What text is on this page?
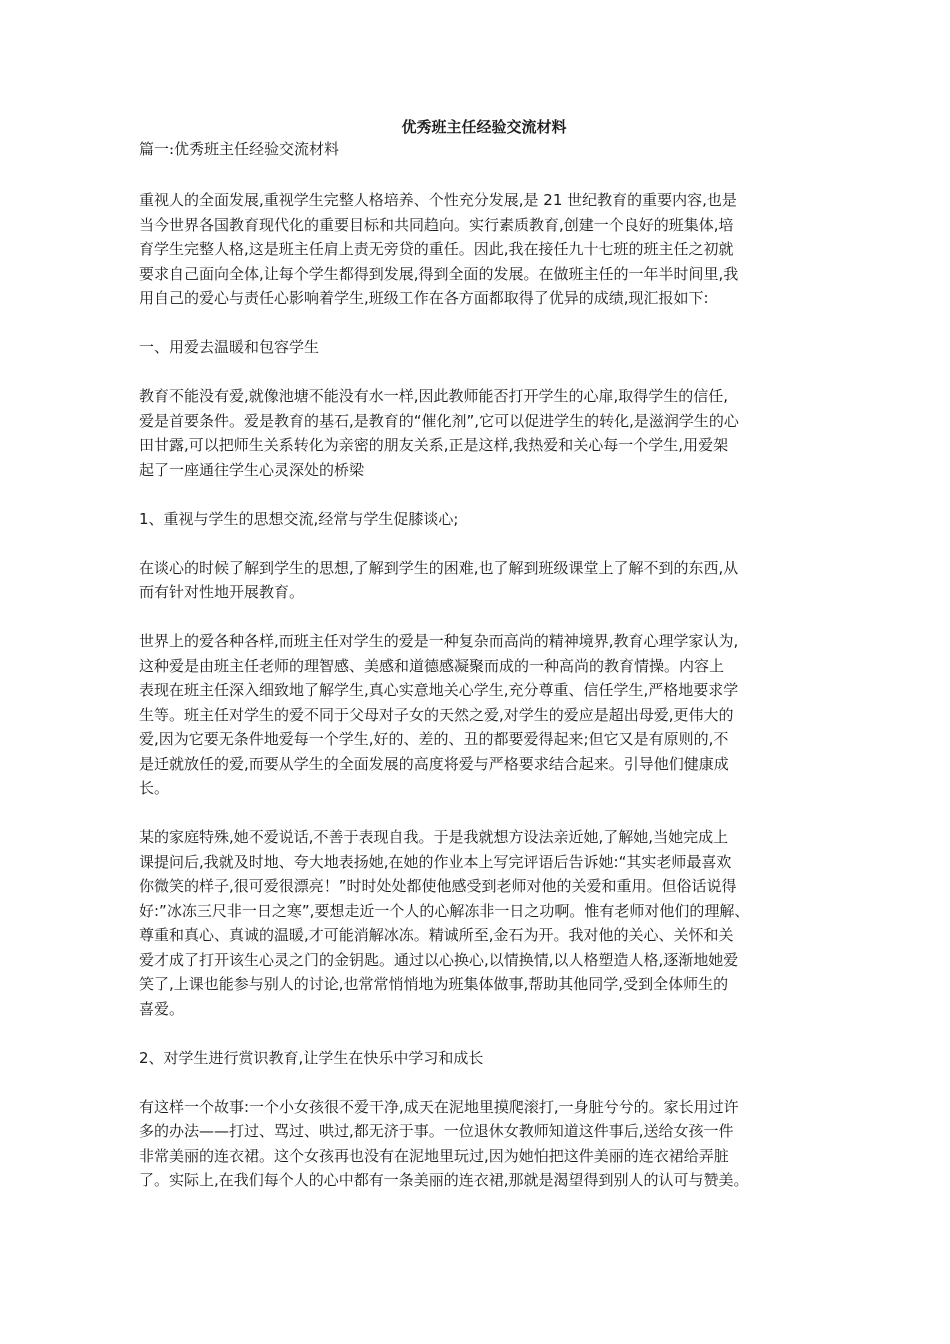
优秀班主任经验交流材料

篇一:优秀班主任经验交流材料

重视人的全面发展,重视学生完整人格培养、个性充分发展,是 21 世纪教育的重要内容,也是
当今世界各国教育现代化的重要目标和共同趋向。实行素质教育,创建一个良好的班集体,培
育学生完整人格,这是班主任肩上责无旁贷的重任。因此,我在接任九十七班的班主任之初就
要求自己面向全体,让每个学生都得到发展,得到全面的发展。在做班主任的一年半时间里,我
用自己的爱心与责任心影响着学生,班级工作在各方面都取得了优异的成绩,现汇报如下:

一、用爱去温暖和包容学生

教育不能没有爱,就像池塘不能没有水一样,因此教师能否打开学生的心扉,取得学生的信任,
爱是首要条件。爱是教育的基石,是教育的“催化剂”,它可以促进学生的转化,是滋润学生的心
田甘露,可以把师生关系转化为亲密的朋友关系,正是这样,我热爱和关心每一个学生,用爱架
起了一座通往学生心灵深处的桥梁

1、重视与学生的思想交流,经常与学生促膝谈心;

在谈心的时候了解到学生的思想,了解到学生的困难,也了解到班级课堂上了解不到的东西,从
而有针对性地开展教育。
世界上的爱各种各样,而班主任对学生的爱是一种复杂而高尚的精神境界,教育心理学家认为,
这种爱是由班主任老师的理智感、美感和道德感凝聚而成的一种高尚的教育情操。内容上
表现在班主任深入细致地了解学生,真心实意地关心学生,充分尊重、信任学生,严格地要求学
生等。班主任对学生的爱不同于父母对子女的天然之爱,对学生的爱应是超出母爱,更伟大的
爱,因为它要无条件地爱每一个学生,好的、差的、丑的都要爱得起来;但它又是有原则的,不
是迁就放任的爱,而要从学生的全面发展的高度将爱与严格要求结合起来。引导他们健康成
长。
某的家庭特殊,她不爱说话,不善于表现自我。于是我就想方设法亲近她,了解她,当她完成上
课提问后,我就及时地、夸大地表扬她,在她的作业本上写完评语后告诉她:“其实老师最喜欢
你微笑的样子,很可爱很漂亮！”时时处处都使他感受到老师对他的关爱和重用。但俗话说得
好:”冰冻三尺非一日之寒”,要想走近一个人的心解冻非一日之功啊。惟有老师对他们的理解、
尊重和真心、真诚的温暖,才可能消解冰冻。精诚所至,金石为开。我对他的关心、关怀和关
爱才成了打开该生心灵之门的金钥匙。通过以心换心,以情换情,以人格塑造人格,逐渐地她爱
笑了,上课也能参与别人的讨论,也常常悄悄地为班集体做事,帮助其他同学,受到全体师生的
喜爱。

2、对学生进行赏识教育,让学生在快乐中学习和成长

有这样一个故事:一个小女孩很不爱干净,成天在泥地里摸爬滚打,一身脏兮兮的。家长用过许
多的办法——打过、骂过、哄过,都无济于事。一位退休女教师知道这件事后,送给女孩一件
非常美丽的连衣裙。这个女孩再也没有在泥地里玩过,因为她怕把这件美丽的连衣裙给弄脏
了。实际上,在我们每个人的心中都有一条美丽的连衣裙,那就是渴望得到别人的认可与赞美。
